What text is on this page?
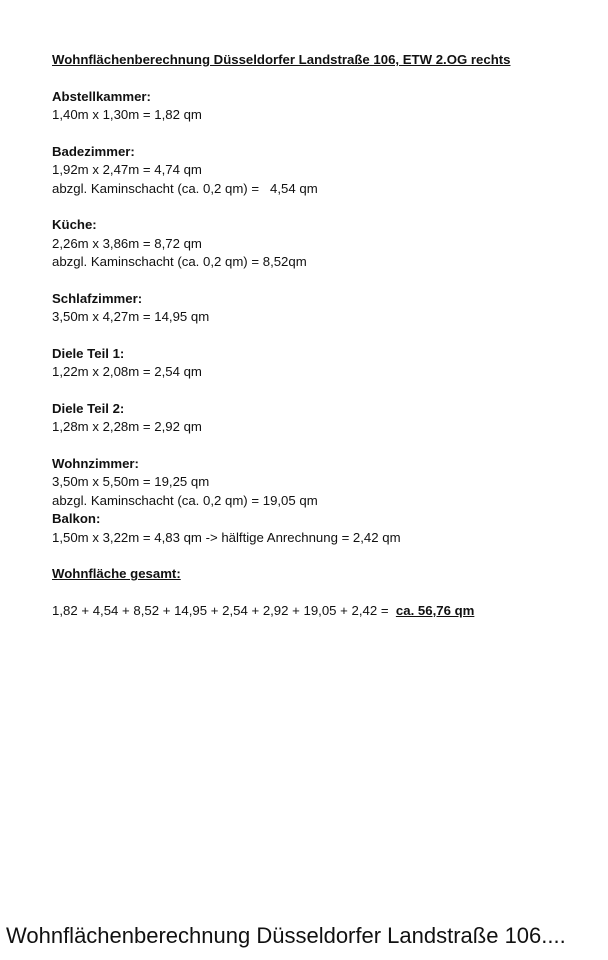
Wohnflächenberechnung Düsseldorfer Landstraße 106, ETW 2.OG rechts
Abstellkammer:
1,40m x 1,30m = 1,82 qm
Badezimmer:
1,92m x 2,47m = 4,74 qm
abzgl. Kaminschacht (ca. 0,2 qm) =   4,54 qm
Küche:
2,26m x 3,86m = 8,72 qm
abzgl. Kaminschacht (ca. 0,2 qm) = 8,52qm
Schlafzimmer:
3,50m x 4,27m = 14,95 qm
Diele Teil 1:
1,22m x 2,08m = 2,54 qm
Diele Teil 2:
1,28m x 2,28m = 2,92 qm
Wohnzimmer:
3,50m x 5,50m = 19,25 qm
abzgl. Kaminschacht (ca. 0,2 qm) = 19,05 qm
Balkon:
1,50m x 3,22m = 4,83 qm -> hälftige Anrechnung = 2,42 qm
Wohnfläche gesamt:
1,82 + 4,54 + 8,52 + 14,95 + 2,54 + 2,92 + 19,05 + 2,42 =  ca. 56,76 qm
Wohnflächenberechnung Düsseldorfer Landstraße 106....
